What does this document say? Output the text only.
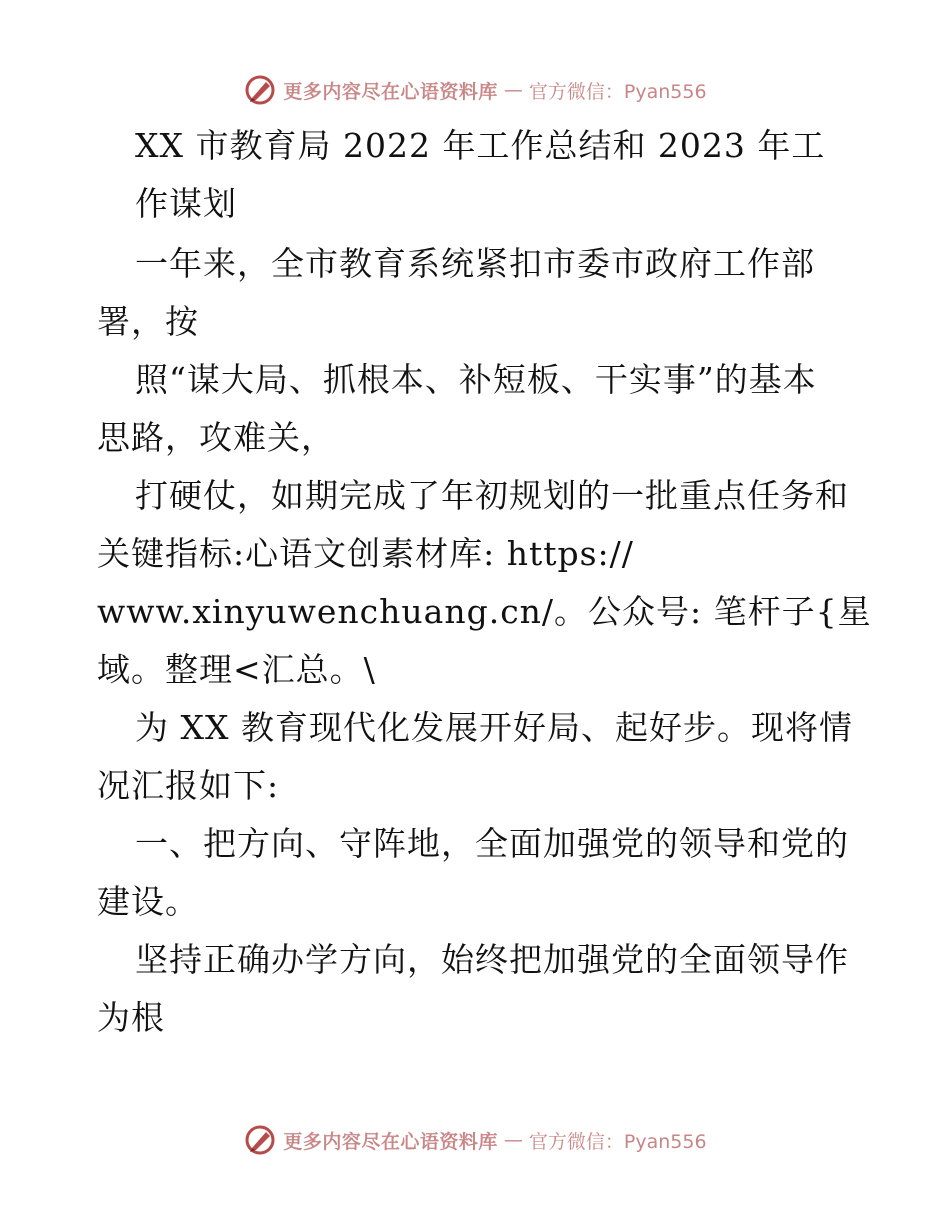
更多内容尽在心语资料库 — 官方微信：Pyan556
XX 市教育局 2022 年工作总结和 2023 年工
作谋划
一年来，全市教育系统紧扣市委市政府工作部
署，按
照“谋大局、抓根本、补短板、干实事”的基本
思路，攻难关，
打硬仗，如期完成了年初规划的一批重点任务和
关键指标:心语文创素材库: https://
www.xinyuwenchuang.cn/。公众号: 笔杆子{星
域。整理<汇总。\
为 XX 教育现代化发展开好局、起好步。现将情
况汇报如下:
一、把方向、守阵地，全面加强党的领导和党的
建设。
坚持正确办学方向，始终把加强党的全面领导作
为根
更多内容尽在心语资料库 — 官方微信：Pyan556
